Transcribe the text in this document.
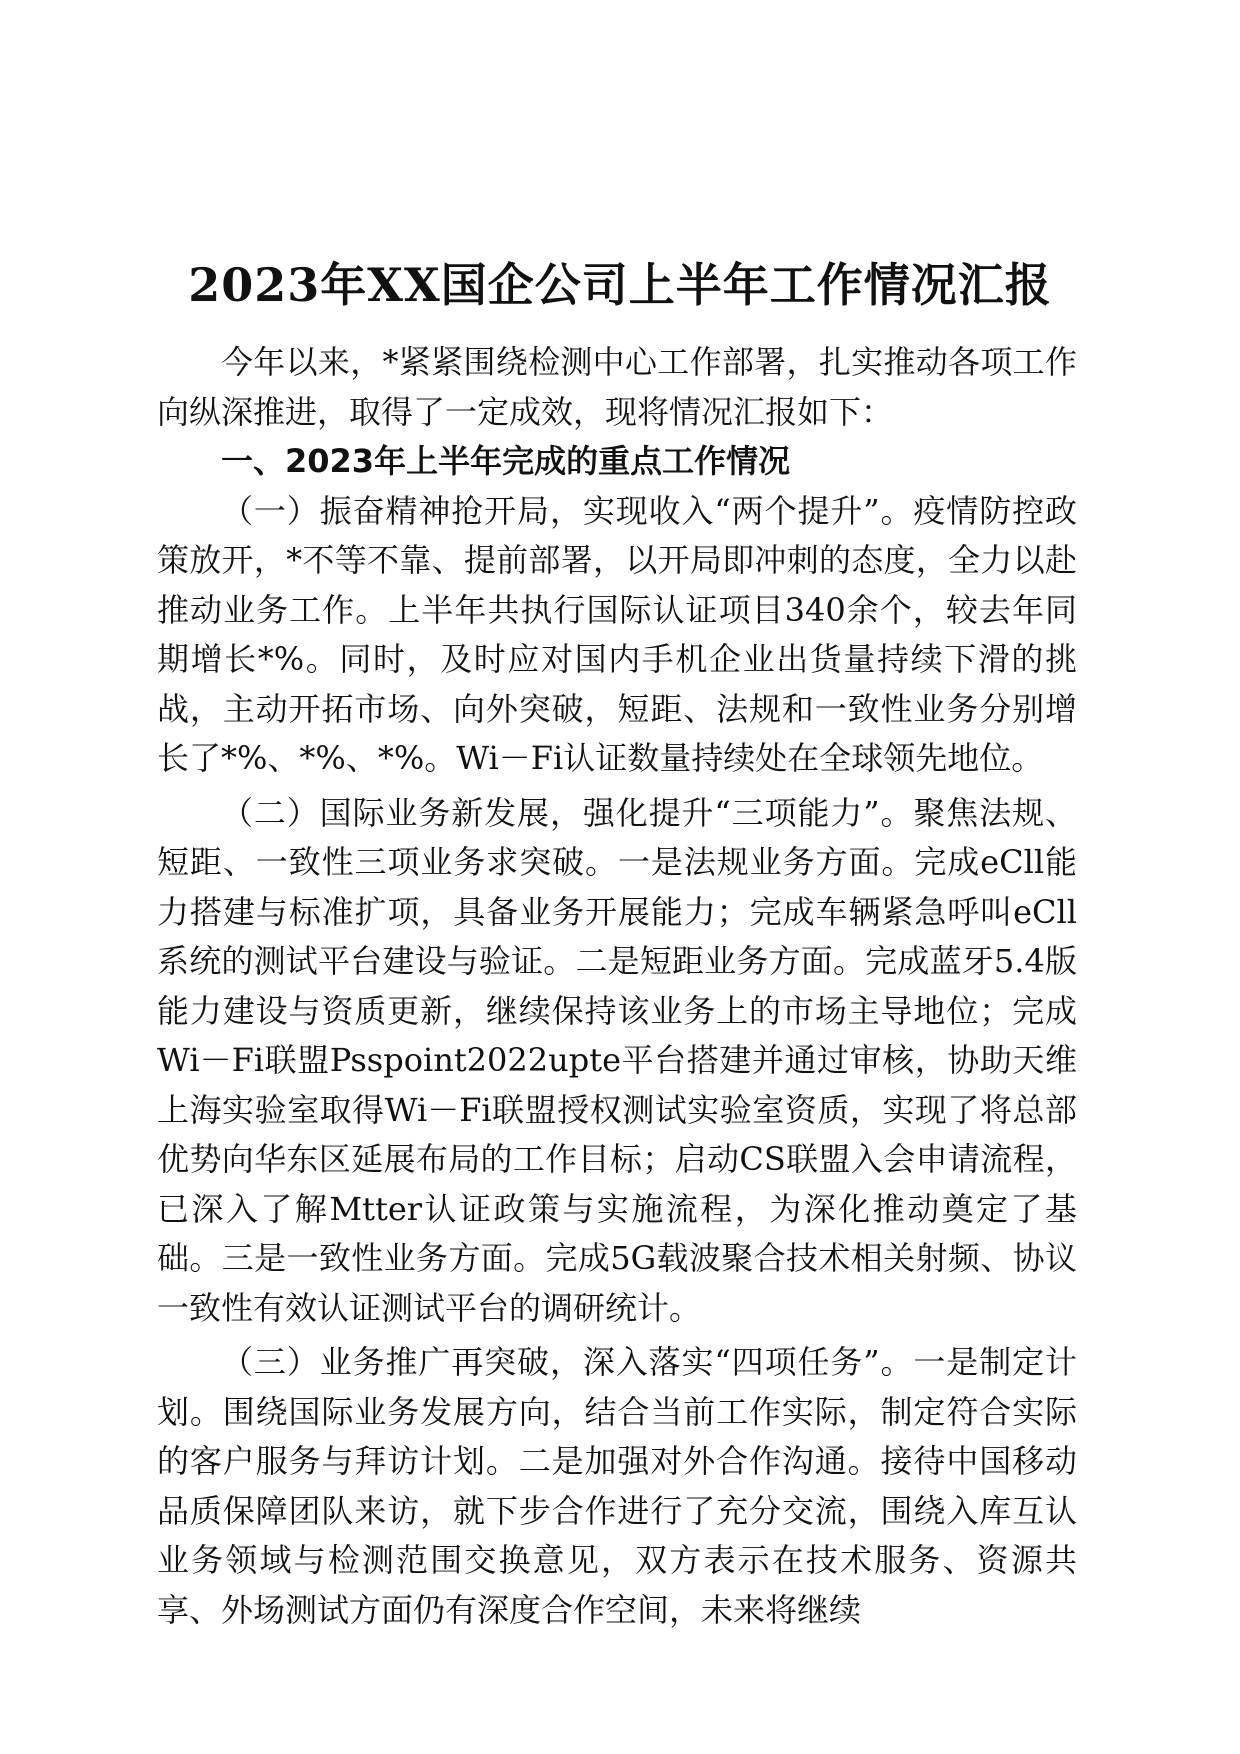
2023年XX国企公司上半年工作情况汇报

今年以来，*紧紧围绕检测中心工作部署，扎实推动各项工作向纵深推进，取得了一定成效，现将情况汇报如下：

一、2023年上半年完成的重点工作情况

（一）振奋精神抢开局，实现收入“两个提升”。疫情防控政策放开，*不等不靠、提前部署，以开局即冲刺的态度，全力以赴推动业务工作。上半年共执行国际认证项目340余个，较去年同期增长*%。同时，及时应对国内手机企业出货量持续下滑的挑战，主动开拓市场、向外突破，短距、法规和一致性业务分别增长了*%、*%、*%。Wi－Fi认证数量持续处在全球领先地位。

（二）国际业务新发展，强化提升“三项能力”。聚焦法规、短距、一致性三项业务求突破。一是法规业务方面。完成eCll能力搭建与标准扩项，具备业务开展能力；完成车辆紧急呼叫eCll系统的测试平台建设与验证。二是短距业务方面。完成蓝牙5.4版能力建设与资质更新，继续保持该业务上的市场主导地位；完成Wi－Fi联盟Psspoint2022upte平台搭建并通过审核，协助天维上海实验室取得Wi－Fi联盟授权测试实验室资质，实现了将总部优势向华东区延展布局的工作目标；启动CS联盟入会申请流程，已深入了解Mtter认证政策与实施流程，为深化推动奠定了基础。三是一致性业务方面。完成5G载波聚合技术相关射频、协议一致性有效认证测试平台的调研统计。

（三）业务推广再突破，深入落实“四项任务”。一是制定计划。围绕国际业务发展方向，结合当前工作实际，制定符合实际的客户服务与拜访计划。二是加强对外合作沟通。接待中国移动品质保障团队来访，就下步合作进行了充分交流，围绕入库互认业务领域与检测范围交换意见，双方表示在技术服务、资源共享、外场测试方面仍有深度合作空间，未来将继续
